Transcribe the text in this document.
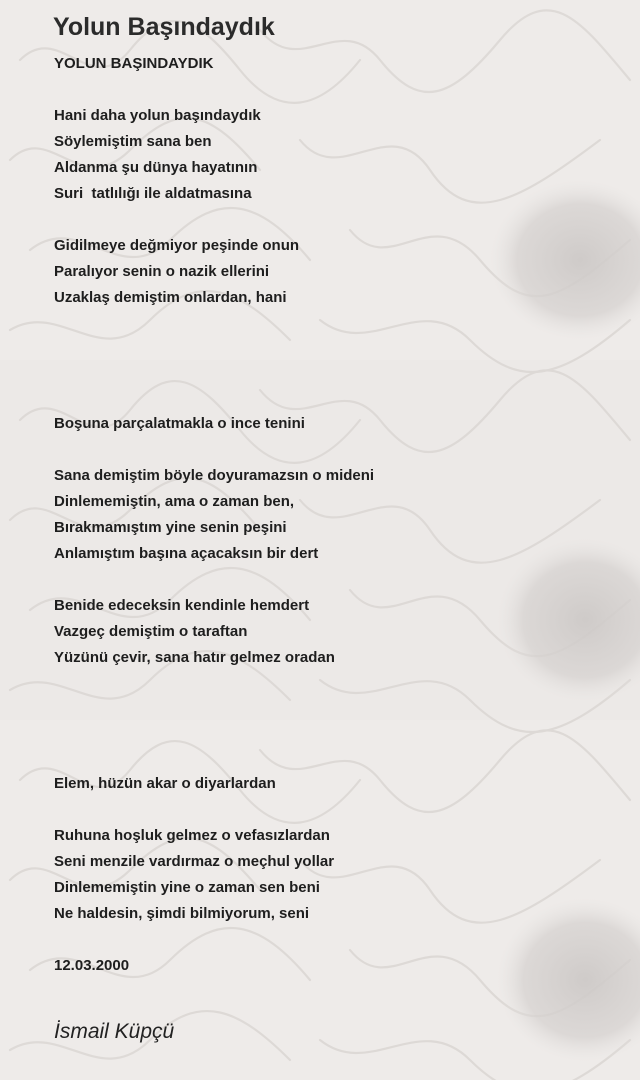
Yolun Başındaydık

YOLUN BAŞINDAYDIK

Hani daha yolun başındaydık

Söylemiştim sana ben

Aldanma şu dünya hayatının

Suri  tatlılığı ile aldatmasına

Gidilmeye değmiyor peşinde onun

Paralıyor senin o nazik ellerini

Uzaklaş demiştim onlardan, hani

Boşuna parçalatmakla o ince tenini

Sana demiştim böyle doyuramazsın o mideni

Dinlememiştin, ama o zaman ben,

Bırakmamıştım yine senin peşini

Anlamıştım başına açacaksın bir dert

Benide edeceksin kendinle hemdert

Vazgeç demiştim o taraftan

Yüzünü çevir, sana hatır gelmez oradan

Elem, hüzün akar o diyarlardan

Ruhuna hoşluk gelmez o vefasızlardan

Seni menzile vardırmaz o meçhul yollar

Dinlememiştin yine o zaman sen beni

Ne haldesin, şimdi bilmiyorum, seni

12.03.2000

İsmail Küpçü
